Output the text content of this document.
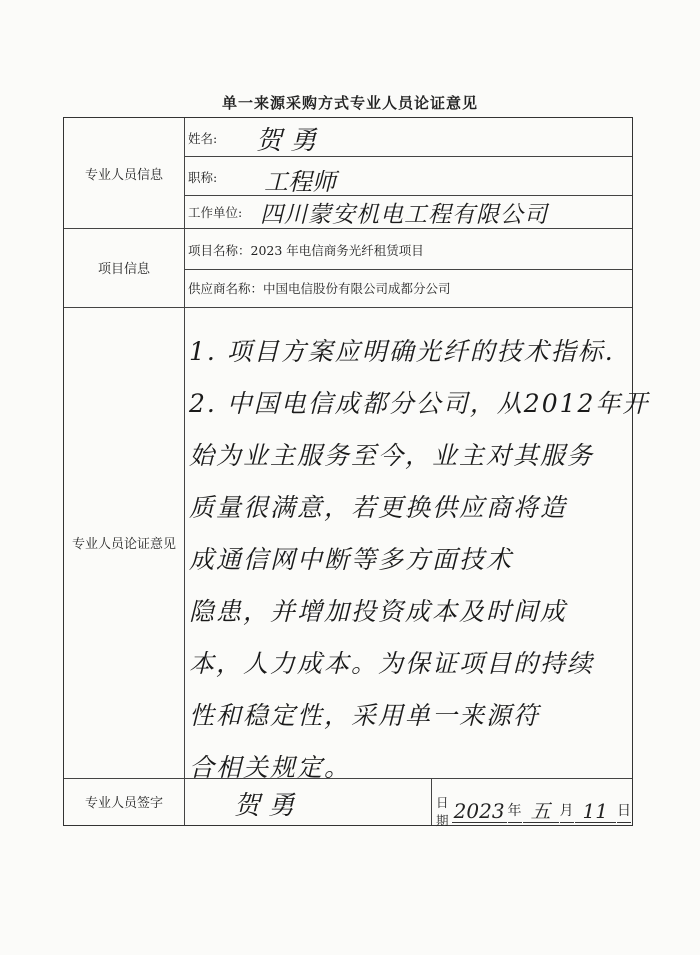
单一来源采购方式专业人员论证意见
专业人员信息
项目信息
专业人员论证意见
专业人员签字
姓名: 贺 勇
职称: 工程师
工作单位: 四川蒙安机电工程有限公司
项目名称：2023 年电信商务光纤租赁项目
供应商名称：中国电信股份有限公司成都分公司
1. 项目方案应明确光纤的技术指标.
2. 中国电信成都分公司，从2012年开
始为业主服务至今，业主对其服务
质量很满意，若更换供应商将造
成通信网中断等多方面技术
隐患，并增加投资成本及时间成
本，人力成本。为保证项目的持续
性和稳定性，采用单一来源符
合相关规定。
贺 勇	日期 2023 年 五 月 11 日
